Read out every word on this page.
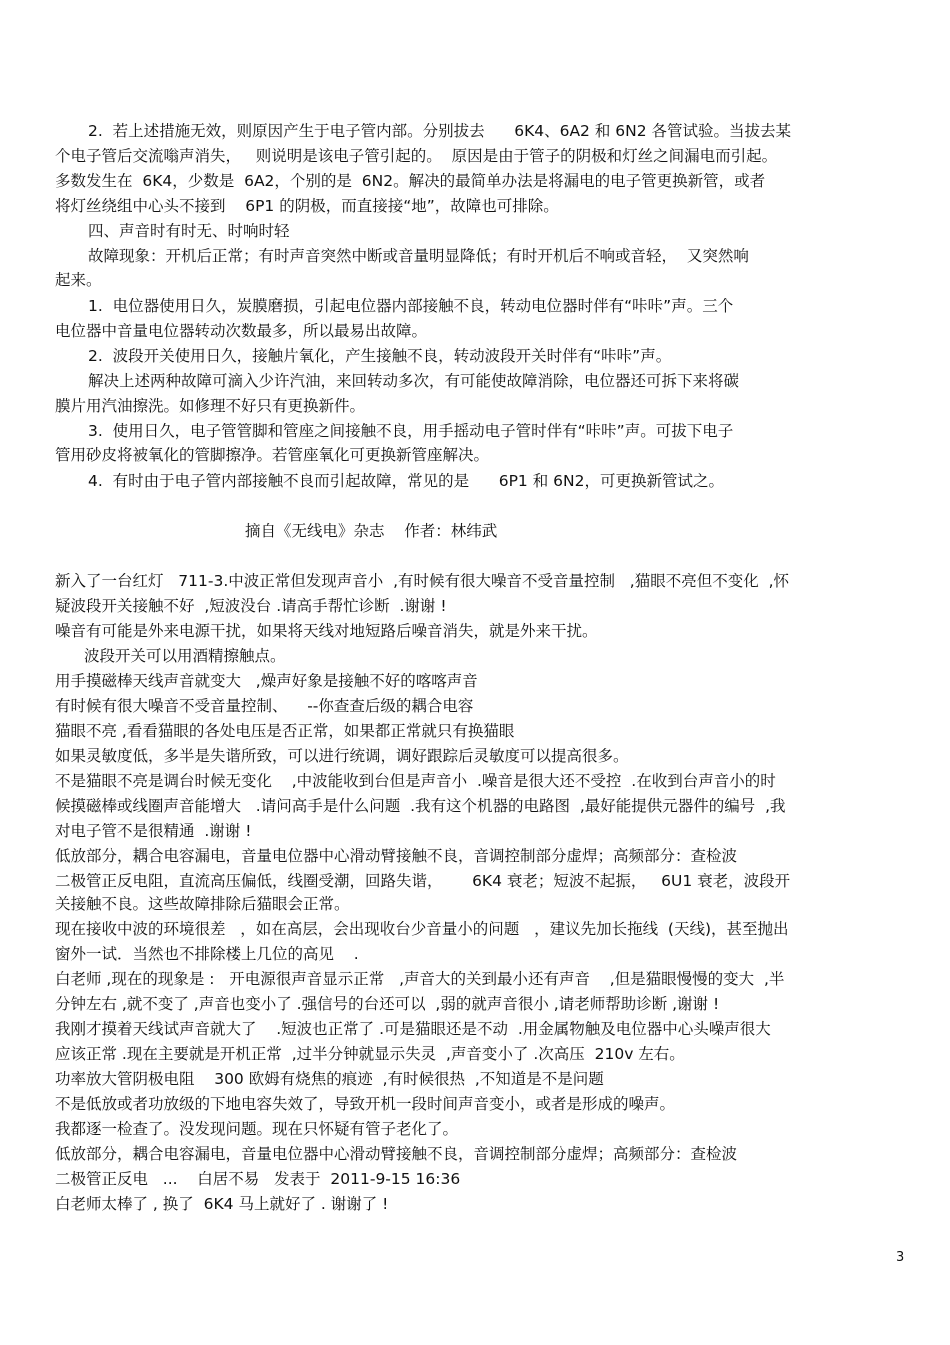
2.  若上述措施无效，则原因产生于电子管内部。分别拔去      6K4、6A2 和 6N2 各管试验。当拔去某
个电子管后交流嗡声消失，   则说明是该电子管引起的。  原因是由于管子的阴极和灯丝之间漏电而引起。
多数发生在  6K4，少数是  6A2，个别的是  6N2。解决的最简单办法是将漏电的电子管更换新管，或者
将灯丝绕组中心头不接到    6P1 的阴极，而直接接“地”，故障也可排除。
四、声音时有时无、时响时轻
故障现象：开机后正常；有时声音突然中断或音量明显降低；有时开机后不响或音轻，  又突然响
起来。
1.  电位器使用日久，炭膜磨损，引起电位器内部接触不良，转动电位器时伴有“咔咔”声。三个
电位器中音量电位器转动次数最多，所以最易出故障。
2.  波段开关使用日久，接触片氧化，产生接触不良，转动波段开关时伴有“咔咔”声。
解决上述两种故障可滴入少许汽油，来回转动多次，有可能使故障消除，电位器还可拆下来将碳
膜片用汽油擦洗。如修理不好只有更换新件。
3.  使用日久，电子管管脚和管座之间接触不良，用手摇动电子管时伴有“咔咔”声。可拔下电子
管用砂皮将被氧化的管脚擦净。若管座氧化可更换新管座解决。
4.  有时由于电子管内部接触不良而引起故障，常见的是      6P1 和 6N2，可更换新管试之。
摘自《无线电》杂志    作者：林纬武
新入了一台红灯   711-3.中波正常但发现声音小  ,有时候有很大噪音不受音量控制   ,猫眼不亮但不变化  ,怀
疑波段开关接触不好  ,短波没台 .请高手帮忙诊断  .谢谢 !
噪音有可能是外来电源干扰，如果将天线对地短路后噪音消失，就是外来干扰。
波段开关可以用酒精擦触点。
用手摸磁棒天线声音就变大   ,燥声好象是接触不好的喀喀声音
有时候有很大噪音不受音量控制、    --你查查后级的耦合电容
猫眼不亮 ,看看猫眼的各处电压是否正常，如果都正常就只有换猫眼
如果灵敏度低，多半是失谐所致，可以进行统调，调好跟踪后灵敏度可以提高很多。
不是猫眼不亮是调台时候无变化    ,中波能收到台但是声音小  .噪音是很大还不受控  .在收到台声音小的时
候摸磁棒或线圈声音能增大   .请问高手是什么问题  .我有这个机器的电路图  ,最好能提供元器件的编号  ,我
对电子管不是很精通  .谢谢 !
低放部分，耦合电容漏电，音量电位器中心滑动臂接触不良，音调控制部分虚焊；高频部分：查检波
二极管正反电阻，直流高压偏低，线圈受潮，回路失谐，      6K4 衰老；短波不起振，   6U1 衰老，波段开
关接触不良。这些故障排除后猫眼会正常。
现在接收中波的环境很差   ，如在高层，会出现收台少音量小的问题   ，建议先加长拖线  (天线)，甚至抛出
窗外一试．当然也不排除楼上几位的高见    .
白老师 ,现在的现象是 :   开电源很声音显示正常   ,声音大的关到最小还有声音    ,但是猫眼慢慢的变大  ,半
分钟左右 ,就不变了 ,声音也变小了 .强信号的台还可以  ,弱的就声音很小 ,请老师帮助诊断 ,谢谢 !
我刚才摸着天线试声音就大了    .短波也正常了 .可是猫眼还是不动  .用金属物触及电位器中心头噪声很大
应该正常 .现在主要就是开机正常  ,过半分钟就显示失灵  ,声音变小了 .次高压  210v 左右。
功率放大管阴极电阻    300 欧姆有烧焦的痕迹  ,有时候很热  ,不知道是不是问题
不是低放或者功放级的下地电容失效了，导致开机一段时间声音变小，或者是形成的噪声。
我都逐一检查了。没发现问题。现在只怀疑有管子老化了。
低放部分，耦合电容漏电，音量电位器中心滑动臂接触不良，音调控制部分虚焊；高频部分：查检波
二极管正反电   ...    白居不易   发表于  2011-9-15 16:36
白老师太棒了 , 换了  6K4 马上就好了 . 谢谢了 !
3
